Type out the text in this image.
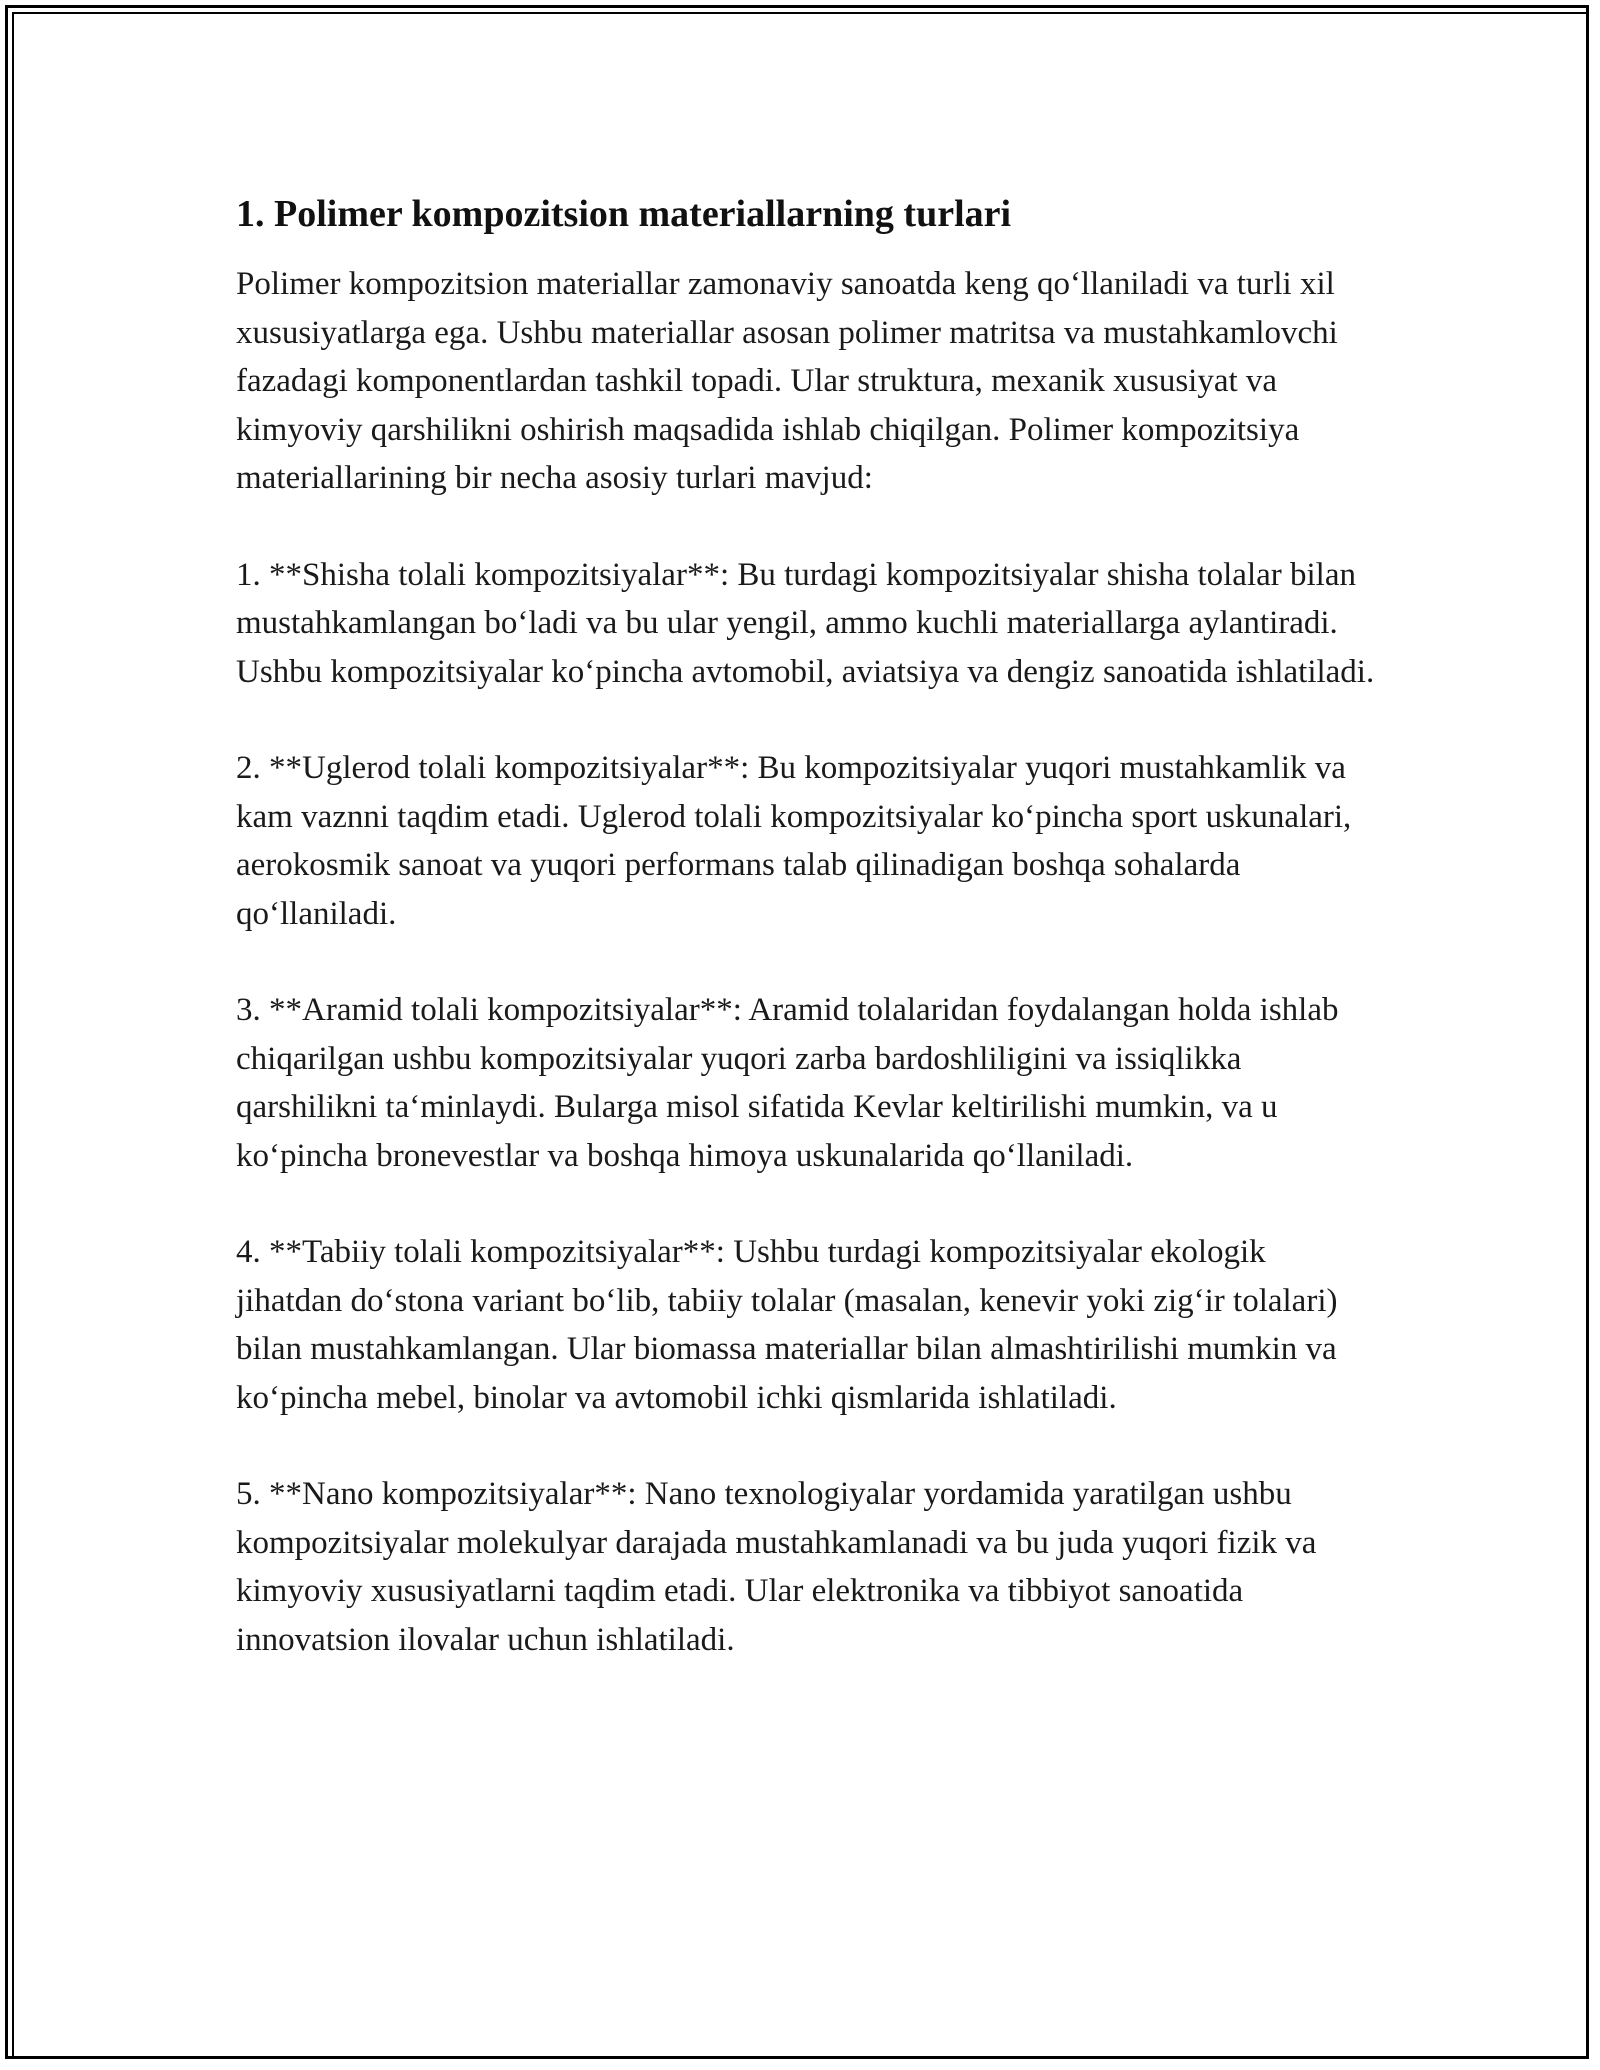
1. Polimer kompozitsion materiallarning turlari

Polimer kompozitsion materiallar zamonaviy sanoatda keng qo‘llaniladi va turli xil xususiyatlarga ega. Ushbu materiallar asosan polimer matritsa va mustahkamlovchi fazadagi komponentlardan tashkil topadi. Ular struktura, mexanik xususiyat va kimyoviy qarshilikni oshirish maqsadida ishlab chiqilgan. Polimer kompozitsiya materiallarining bir necha asosiy turlari mavjud:

1. **Shisha tolali kompozitsiyalar**: Bu turdagi kompozitsiyalar shisha tolalar bilan mustahkamlangan bo‘ladi va bu ular yengil, ammo kuchli materiallarga aylantiradi. Ushbu kompozitsiyalar ko‘pincha avtomobil, aviatsiya va dengiz sanoatida ishlatiladi.

2. **Uglerod tolali kompozitsiyalar**: Bu kompozitsiyalar yuqori mustahkamlik va kam vaznni taqdim etadi. Uglerod tolali kompozitsiyalar ko‘pincha sport uskunalari, aerokosmik sanoat va yuqori performans talab qilinadigan boshqa sohalarda qo‘llaniladi.

3. **Aramid tolali kompozitsiyalar**: Aramid tolalaridan foydalangan holda ishlab chiqarilgan ushbu kompozitsiyalar yuqori zarba bardoshliligini va issiqlikka qarshilikni ta‘minlaydi. Bularga misol sifatida Kevlar keltirilishi mumkin, va u ko‘pincha bronevestlar va boshqa himoya uskunalarida qo‘llaniladi.

4. **Tabiiy tolali kompozitsiyalar**: Ushbu turdagi kompozitsiyalar ekologik jihatdan do‘stona variant bo‘lib, tabiiy tolalar (masalan, kenevir yoki zig‘ir tolalari) bilan mustahkamlangan. Ular biomassa materiallar bilan almashtirilishi mumkin va ko‘pincha mebel, binolar va avtomobil ichki qismlarida ishlatiladi.

5. **Nano kompozitsiyalar**: Nano texnologiyalar yordamida yaratilgan ushbu kompozitsiyalar molekulyar darajada mustahkamlanadi va bu juda yuqori fizik va kimyoviy xususiyatlarni taqdim etadi. Ular elektronika va tibbiyot sanoatida innovatsion ilovalar uchun ishlatiladi.
